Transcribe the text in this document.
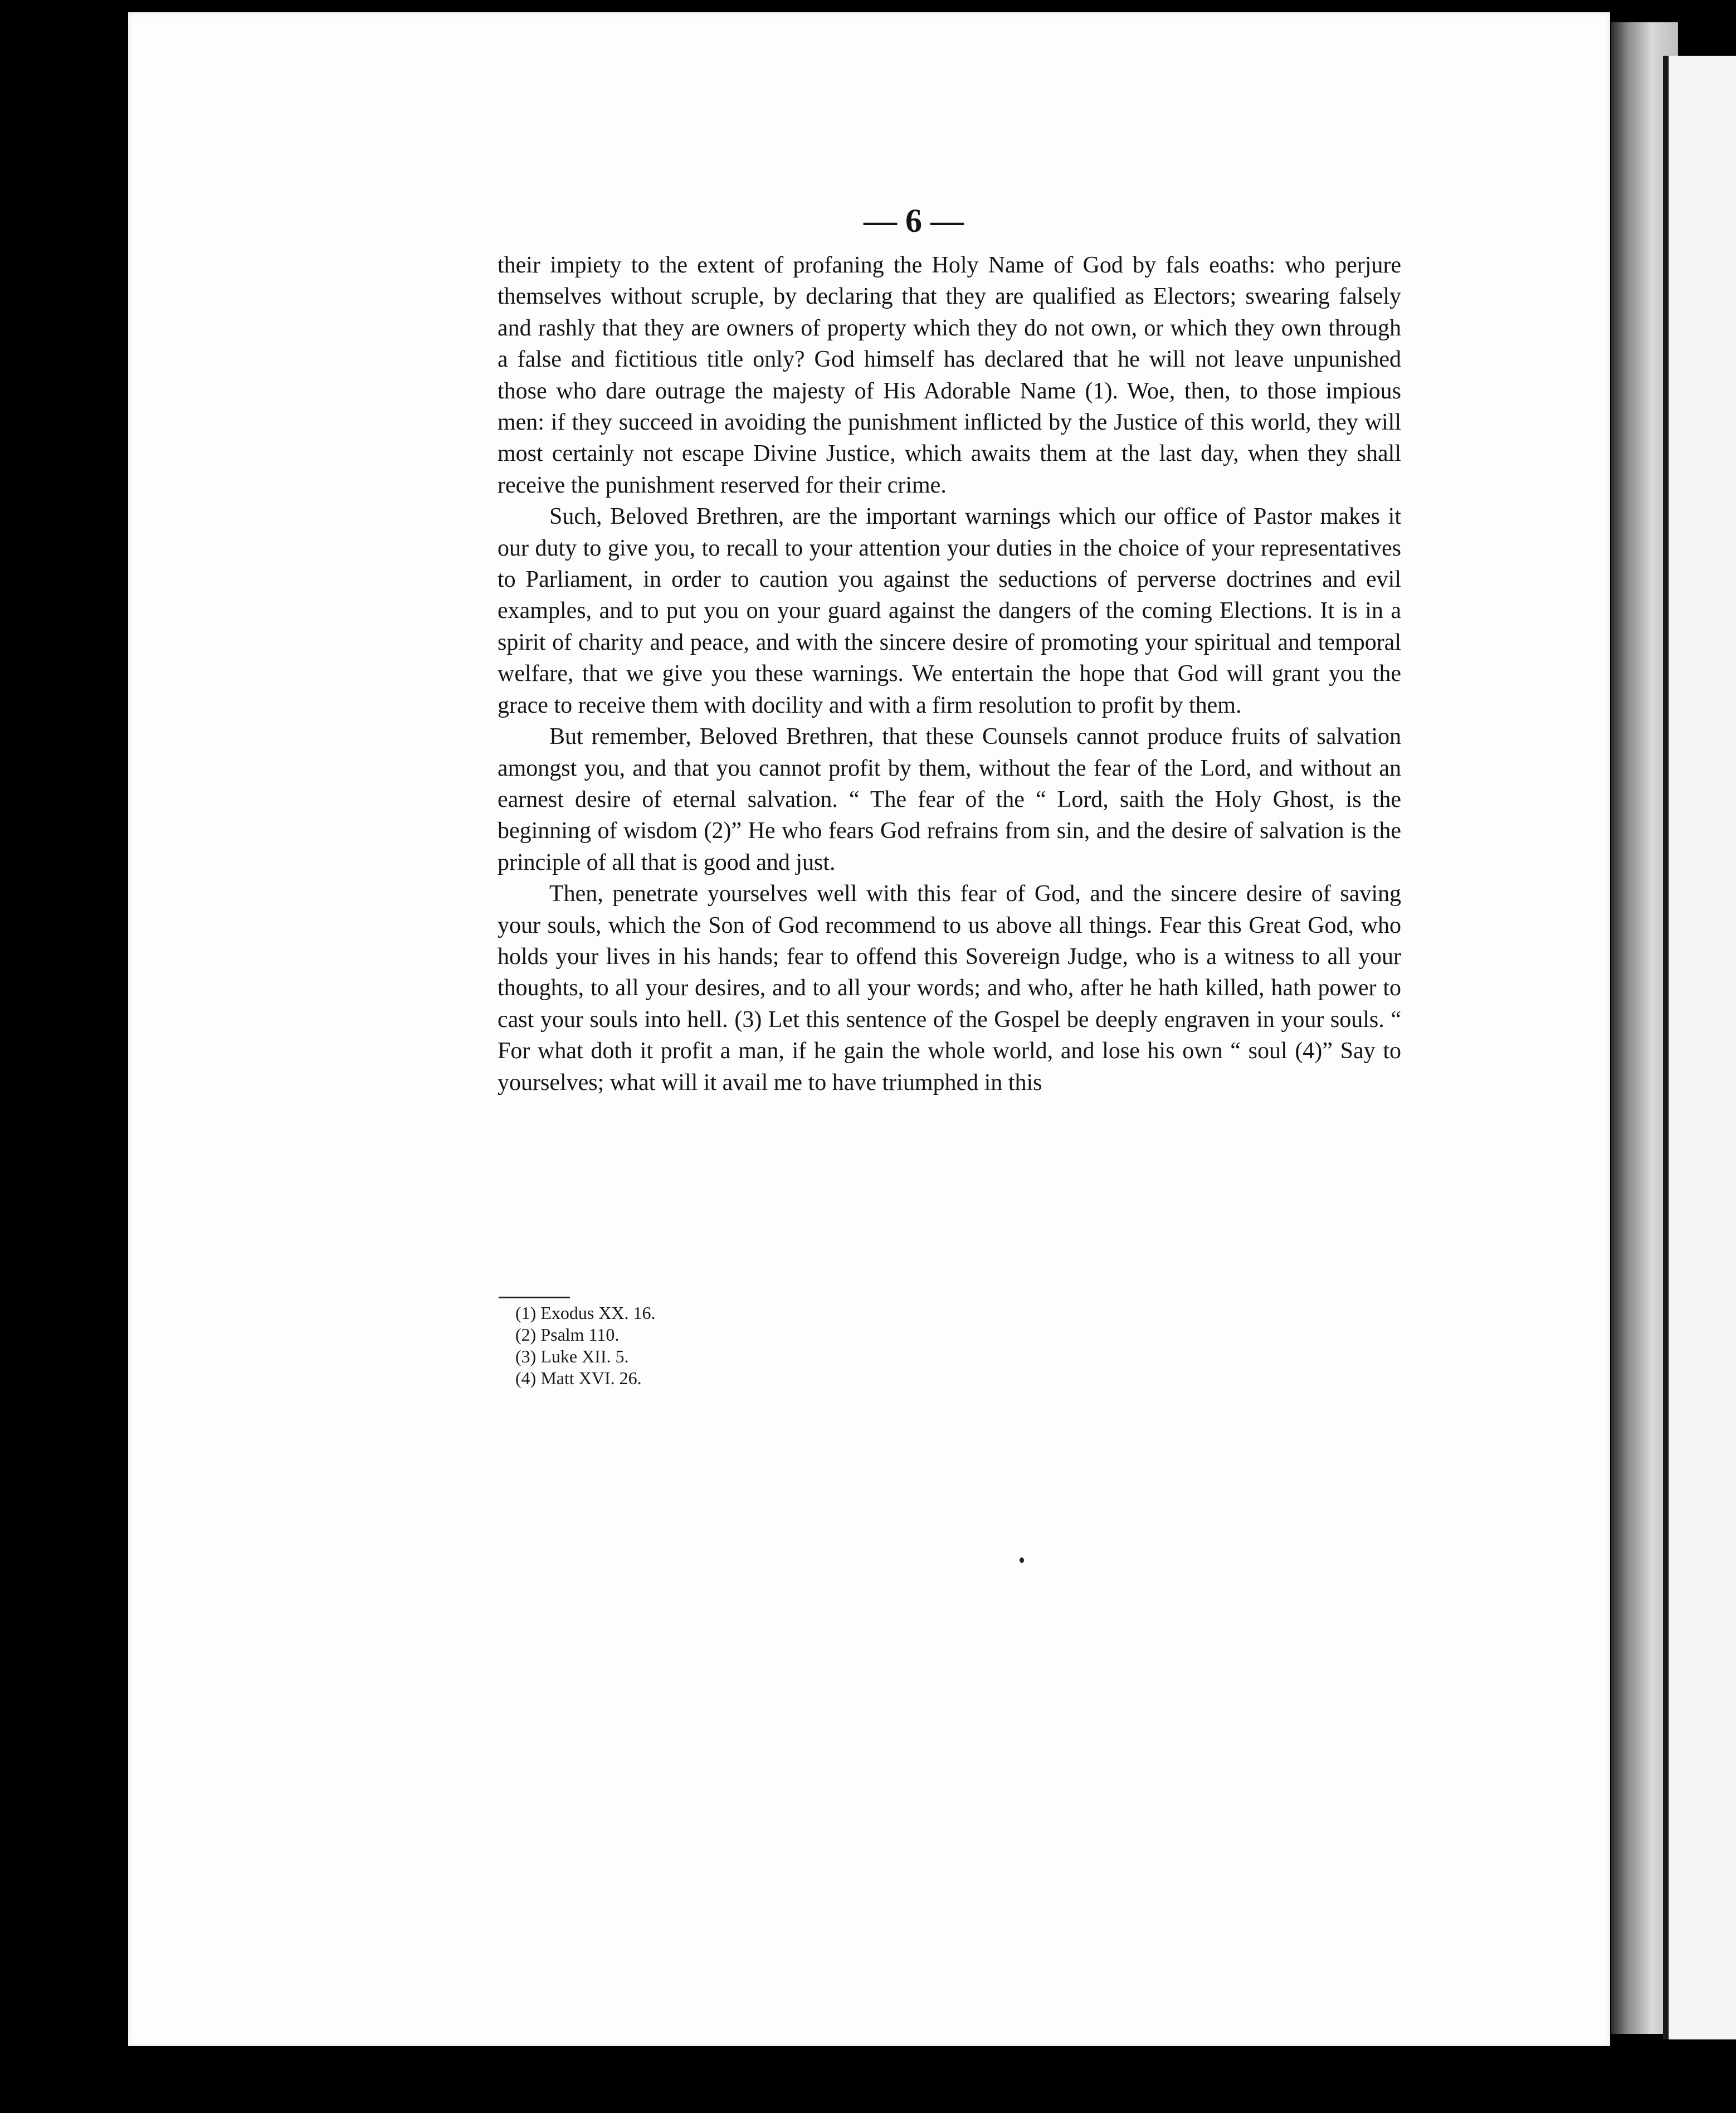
— 6 —

their impiety to the extent of profaning the Holy Name of God by fals eoaths: who perjure themselves without scruple, by declaring that they are qualified as Electors; swearing falsely and rashly that they are owners of property which they do not own, or which they own through a false and fictitious title only? God himself has declared that he will not leave unpunished those who dare outrage the majesty of His Adorable Name (1). Woe, then, to those impious men: if they succeed in avoiding the punishment inflicted by the Justice of this world, they will most certainly not escape Divine Justice, which awaits them at the last day, when they shall receive the punishment reserved for their crime.

Such, Beloved Brethren, are the important warnings which our office of Pastor makes it our duty to give you, to recall to your attention your duties in the choice of your representatives to Parliament, in order to caution you against the seductions of perverse doctrines and evil examples, and to put you on your guard against the dangers of the coming Elections. It is in a spirit of charity and peace, and with the sincere desire of promoting your spiritual and temporal welfare, that we give you these warnings. We entertain the hope that God will grant you the grace to receive them with docility and with a firm resolution to profit by them.

But remember, Beloved Brethren, that these Counsels cannot produce fruits of salvation amongst you, and that you cannot profit by them, without the fear of the Lord, and without an earnest desire of eternal salvation. “ The fear of the “ Lord, saith the Holy Ghost, is the beginning of wisdom (2)” He who fears God refrains from sin, and the desire of salvation is the principle of all that is good and just.

Then, penetrate yourselves well with this fear of God, and the sincere desire of saving your souls, which the Son of God recommend to us above all things. Fear this Great God, who holds your lives in his hands; fear to offend this Sovereign Judge, who is a witness to all your thoughts, to all your desires, and to all your words; and who, after he hath killed, hath power to cast your souls into hell. (3) Let this sentence of the Gospel be deeply engraven in your souls. “ For what doth it profit a man, if he gain the whole world, and lose his own “ soul (4)” Say to yourselves; what will it avail me to have triumphed in this

(1) Exodus XX. 16.
(2) Psalm 110.
(3) Luke XII. 5.
(4) Matt XVI. 26.
